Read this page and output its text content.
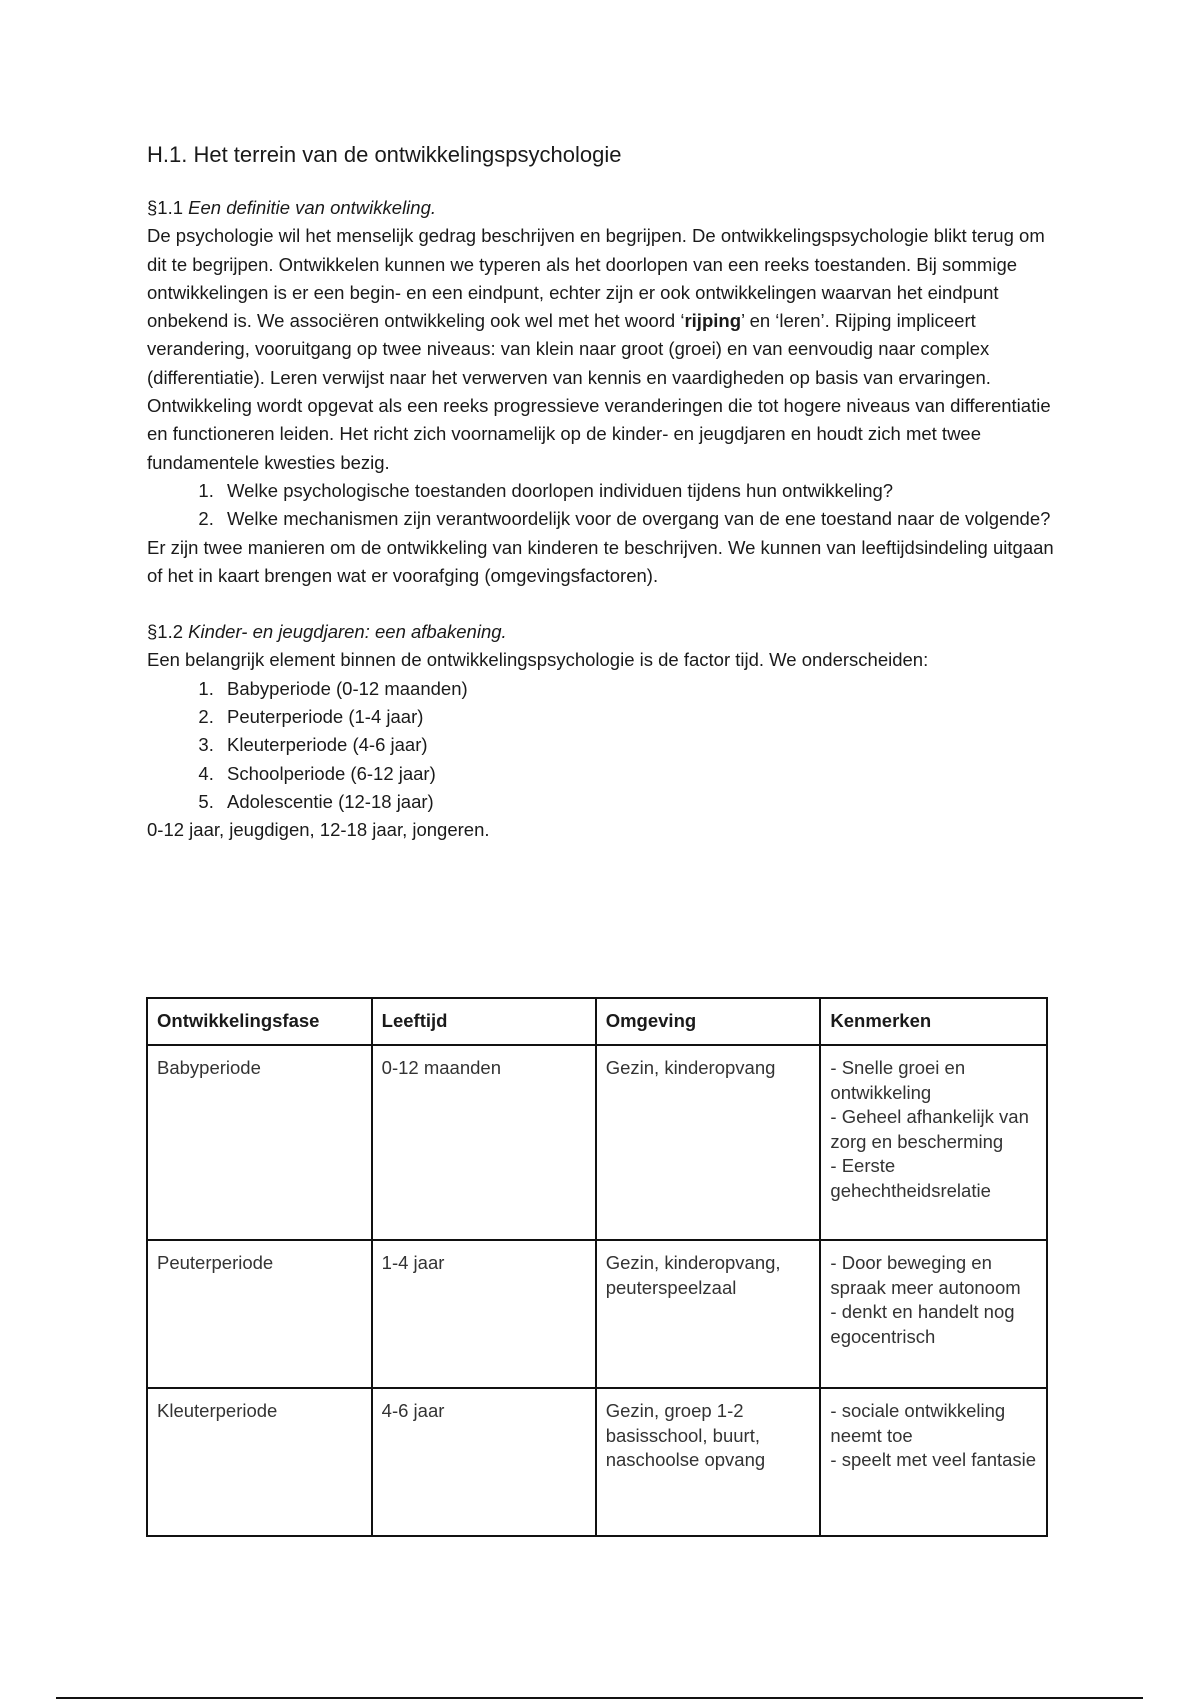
H.1. Het terrein van de ontwikkelingspsychologie

§1.1 Een definitie van ontwikkeling.

De psychologie wil het menselijk gedrag beschrijven en begrijpen. De ontwikkelingspsychologie blikt terug om dit te begrijpen. Ontwikkelen kunnen we typeren als het doorlopen van een reeks toestanden. Bij sommige ontwikkelingen is er een begin- en een eindpunt, echter zijn er ook ontwikkelingen waarvan het eindpunt onbekend is. We associëren ontwikkeling ook wel met het woord ‘rijping’ en ‘leren’. Rijping impliceert verandering, vooruitgang op twee niveaus: van klein naar groot (groei) en van eenvoudig naar complex (differentiatie). Leren verwijst naar het verwerven van kennis en vaardigheden op basis van ervaringen. Ontwikkeling wordt opgevat als een reeks progressieve veranderingen die tot hogere niveaus van differentiatie en functioneren leiden. Het richt zich voornamelijk op de kinder- en jeugdjaren en houdt zich met twee fundamentele kwesties bezig.

1. Welke psychologische toestanden doorlopen individuen tijdens hun ontwikkeling?
2. Welke mechanismen zijn verantwoordelijk voor de overgang van de ene toestand naar de volgende?

Er zijn twee manieren om de ontwikkeling van kinderen te beschrijven. We kunnen van leeftijdsindeling uitgaan of het in kaart brengen wat er voorafging (omgevingsfactoren).

§1.2 Kinder- en jeugdjaren: een afbakening.

Een belangrijk element binnen de ontwikkelingspsychologie is de factor tijd. We onderscheiden:

1. Babyperiode (0-12 maanden)
2. Peuterperiode (1-4 jaar)
3. Kleuterperiode (4-6 jaar)
4. Schoolperiode (6-12 jaar)
5. Adolescentie (12-18 jaar)

0-12 jaar, jeugdigen, 12-18 jaar, jongeren.

Ontwikkelingsfase	Leeftijd	Omgeving	Kenmerken
Babyperiode	0-12 maanden	Gezin, kinderopvang	- Snelle groei en ontwikkeling
- Geheel afhankelijk van zorg en bescherming
- Eerste gehechtheidsrelatie

Peuterperiode	1-4 jaar	Gezin, kinderopvang, peuterspeelzaal	- Door beweging en spraak meer autonoom
- denkt en handelt nog egocentrisch

Kleuterperiode	4-6 jaar	Gezin, groep 1-2 basisschool, buurt, naschoolse opvang	- sociale ontwikkeling neemt toe
- speelt met veel fantasie
